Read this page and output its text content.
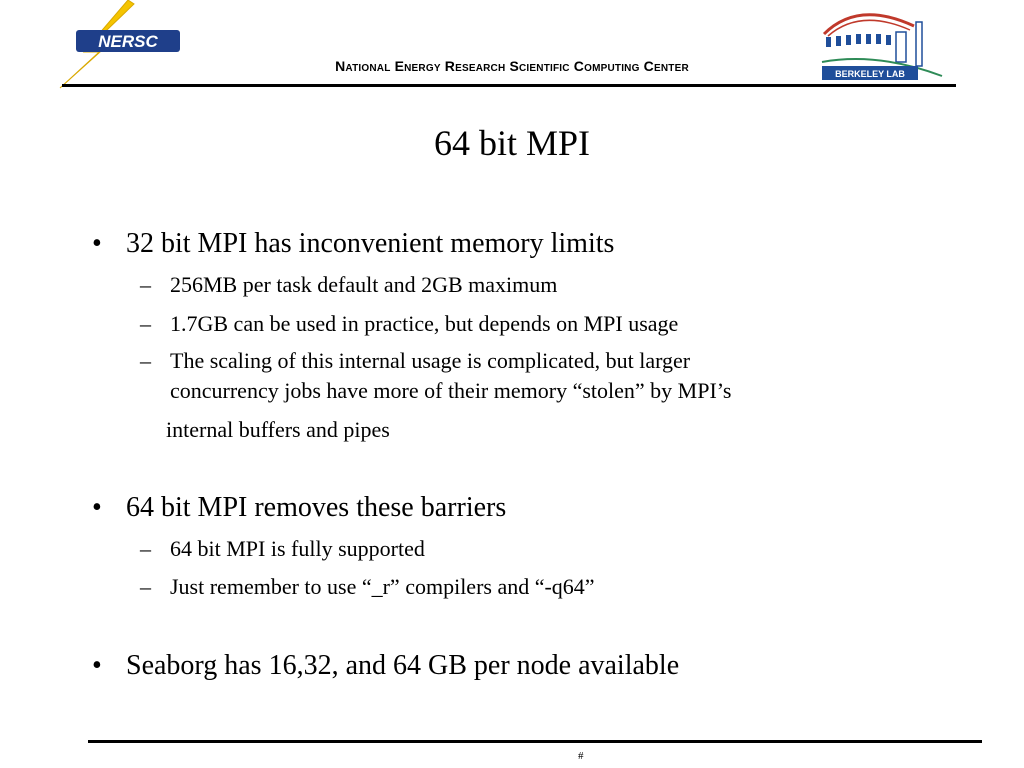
NERSC
BERKELEY LAB
National Energy Research Scientific Computing Center
64 bit MPI
• 32 bit MPI has inconvenient memory limits
– 256MB per task default and 2GB maximum
– 1.7GB can be used in practice, but depends on MPI usage
– The scaling of this internal usage is complicated, but larger
concurrency jobs have more of their memory “stolen” by MPI’s
internal buffers and pipes
• 64 bit MPI removes these barriers
– 64 bit MPI is fully supported
– Just remember to use “_r” compilers and “-q64”
• Seaborg has 16,32, and 64 GB per node available
#
